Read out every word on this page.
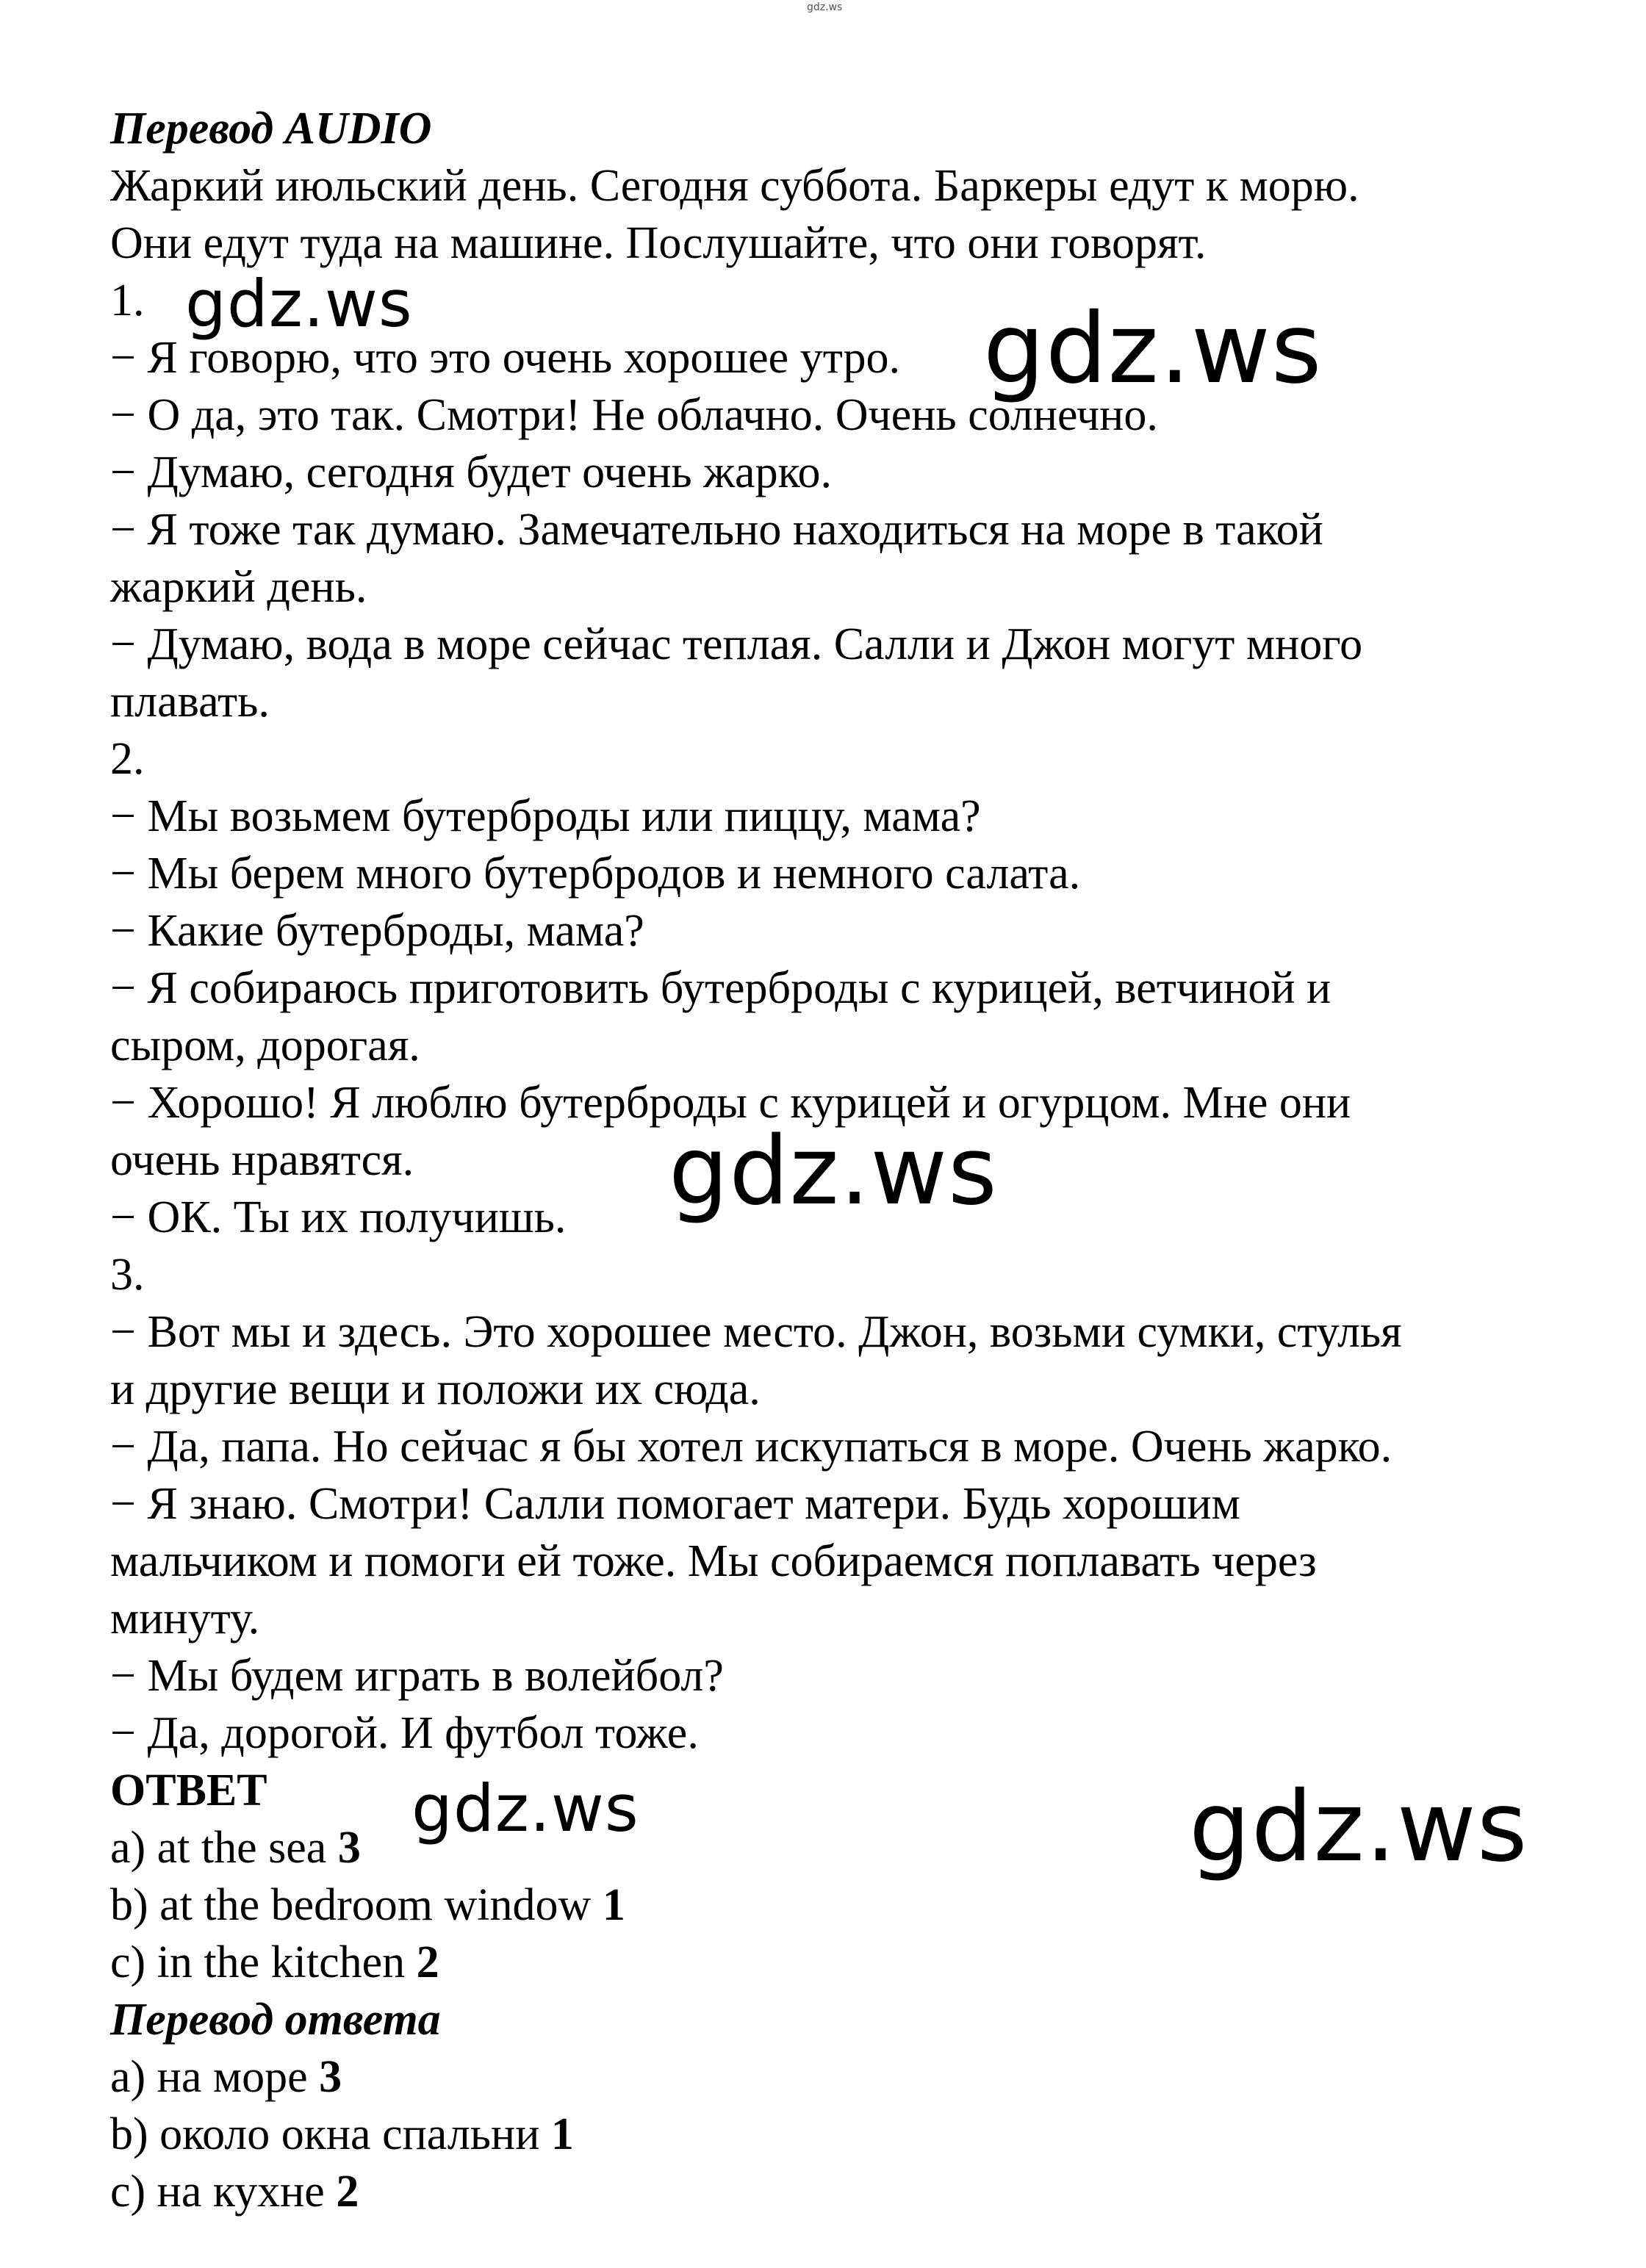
gdz.ws

Перевод AUDIO

Жаркий июльский день. Сегодня суббота. Баркеры едут к морю.

Они едут туда на машине. Послушайте, что они говорят.

1.

− Я говорю, что это очень хорошее утро.

− О да, это так. Смотри! Не облачно. Очень солнечно.

− Думаю, сегодня будет очень жарко.

− Я тоже так думаю. Замечательно находиться на море в такой

жаркий день.

− Думаю, вода в море сейчас теплая. Салли и Джон могут много

плавать.

2.

− Мы возьмем бутерброды или пиццу, мама?

− Мы берем много бутербродов и немного салата.

− Какие бутерброды, мама?

− Я собираюсь приготовить бутерброды с курицей, ветчиной и

сыром, дорогая.

− Хорошо! Я люблю бутерброды с курицей и огурцом. Мне они

очень нравятся.

− ОК. Ты их получишь.

3.

− Вот мы и здесь. Это хорошее место. Джон, возьми сумки, стулья

и другие вещи и положи их сюда.

− Да, папа. Но сейчас я бы хотел искупаться в море. Очень жарко.

− Я знаю. Смотри! Салли помогает матери. Будь хорошим

мальчиком и помоги ей тоже. Мы собираемся поплавать через

минуту.

− Мы будем играть в волейбол?

− Да, дорогой. И футбол тоже.

ОТВЕТ

a) at the sea 3

b) at the bedroom window 1

c) in the kitchen 2

Перевод ответа

a) на море 3

b) около окна спальни 1

c) на кухне 2

gdz.ws	gdz.ws
gdz.ws
gdz.ws	gdz.ws
